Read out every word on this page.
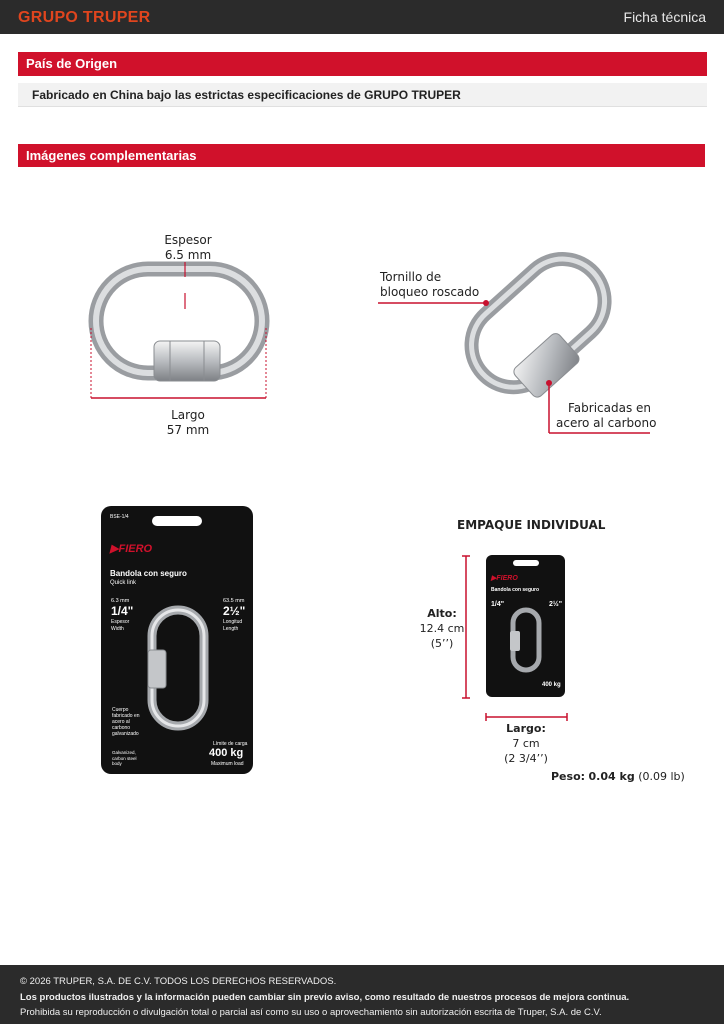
GRUPO TRUPER	Ficha técnica
País de Origen
Fabricado en China bajo las estrictas especificaciones de GRUPO TRUPER
Imágenes complementarias
Espesor
6.5 mm
Largo
57 mm
Tornillo de
bloqueo roscado
Fabricadas en
acero al carbono
BSE-1/4
▶FIERO
Bandola con seguro
Quick link
6.3 mm
1/4"
Espesor
Width
63.5 mm
2½"
Longitud
Length
Cuerpo fabricado en acero al carbono galvanizado
Galvanized, carbon steel body
Límite de carga
400 kg
Maximum load
EMPAQUE INDIVIDUAL
▶FIERO
Bandola con seguro
1/4"	2½"
400 kg
Alto:
12.4 cm
(5’’)
Largo:
7 cm
(2 3/4’’)
Peso: 0.04 kg (0.09 lb)
© 2026 TRUPER, S.A. DE C.V. TODOS LOS DERECHOS RESERVADOS.
Los productos ilustrados y la información pueden cambiar sin previo aviso, como resultado de nuestros procesos de mejora continua.
Prohibida su reproducción o divulgación total o parcial así como su uso o aprovechamiento sin autorización escrita de Truper, S.A. de C.V.
